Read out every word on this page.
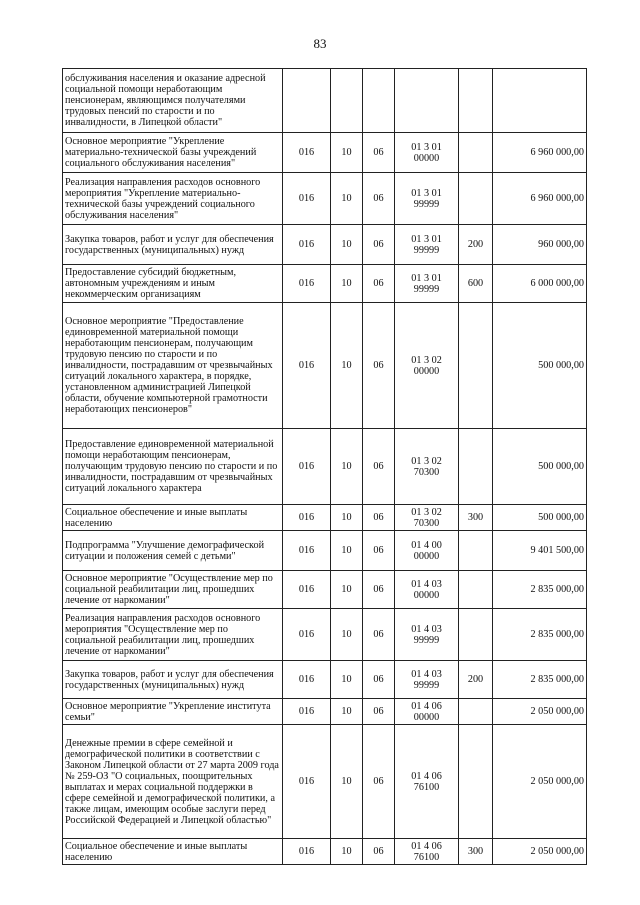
83
обслуживания населения и оказание адресной социальной помощи неработающим пенсионерам, являющимся получателями трудовых пенсий по старости и по инвалидности, в Липецкой области"				

Основное мероприятие "Укрепление материально-технической базы учреждений социального обслуживания населения"	016	10	06	01 3 01
00000		6 960 000,00
Реализация направления расходов основного мероприятия "Укрепление материально-технической базы учреждений социального обслуживания населения"	016	10	06	01 3 01
99999		6 960 000,00
Закупка товаров, работ и услуг для обеспечения государственных (муниципальных) нужд	016	10	06	01 3 01
99999	200	960 000,00
Предоставление субсидий бюджетным, автономным учреждениям и иным некоммерческим организациям	016	10	06	01 3 01
99999	600	6 000 000,00
Основное мероприятие "Предоставление единовременной материальной помощи неработающим пенсионерам, получающим трудовую пенсию по старости и по инвалидности, пострадавшим от чрезвычайных ситуаций локального характера, в порядке, установленном администрацией Липецкой области, обучение компьютерной грамотности неработающих пенсионеров"	016	10	06	01 3 02
00000		500 000,00
Предоставление единовременной материальной помощи неработающим пенсионерам, получающим трудовую пенсию по старости и по инвалидности, пострадавшим от чрезвычайных ситуаций локального характера	016	10	06	01 3 02
70300		500 000,00
Социальное обеспечение и иные выплаты населению	016	10	06	01 3 02
70300	300	500 000,00
Подпрограмма "Улучшение демографической ситуации и положения семей с детьми"	016	10	06	01 4 00
00000		9 401 500,00
Основное мероприятие "Осуществление мер по социальной реабилитации лиц, прошедших лечение от наркомании"	016	10	06	01 4 03
00000		2 835 000,00
Реализация направления расходов основного мероприятия "Осуществление мер по социальной реабилитации лиц, прошедших лечение от наркомании"	016	10	06	01 4 03
99999		2 835 000,00
Закупка товаров, работ и услуг для обеспечения государственных (муниципальных) нужд	016	10	06	01 4 03
99999	200	2 835 000,00
Основное мероприятие "Укрепление института семьи"	016	10	06	01 4 06
00000		2 050 000,00
Денежные премии в сфере семейной и демографической политики в соответствии с Законом Липецкой области от 27 марта 2009 года № 259-ОЗ "О социальных, поощрительных выплатах и мерах социальной поддержки в сфере семейной и демографической политики, а также лицам, имеющим особые заслуги перед Российской Федерацией и Липецкой областью"	016	10	06	01 4 06
76100		2 050 000,00
Социальное обеспечение и иные выплаты населению	016	10	06	01 4 06
76100	300	2 050 000,00
